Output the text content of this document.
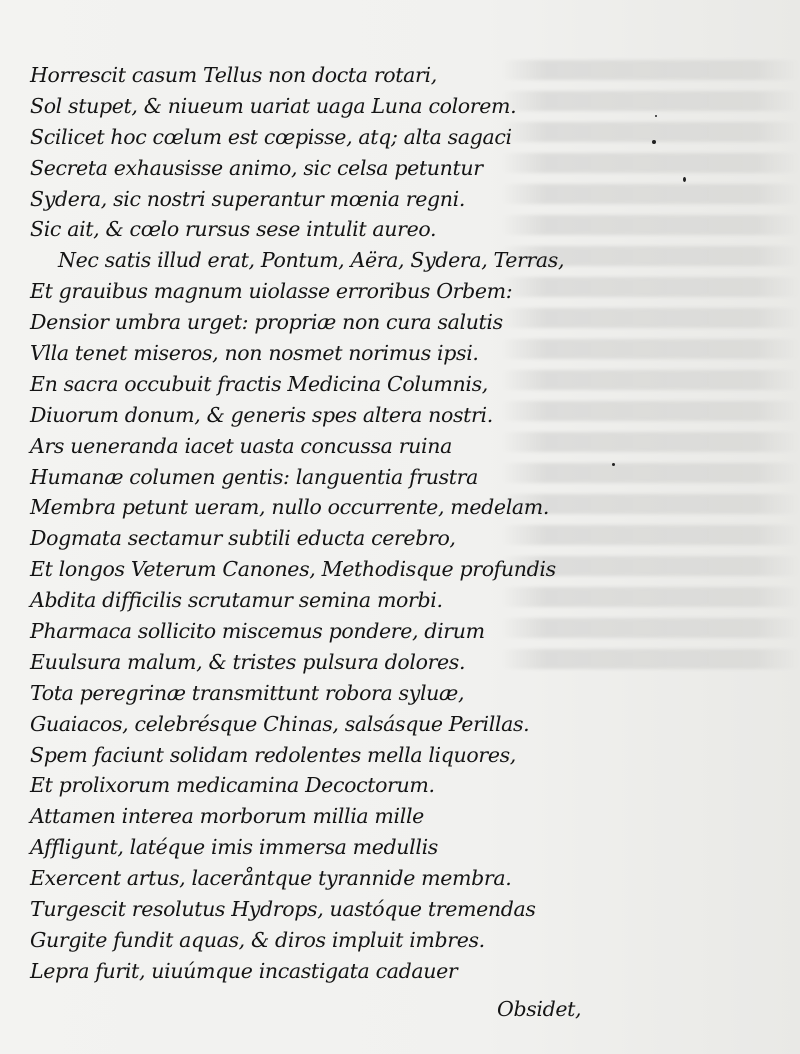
Horrescit casum Tellus non docta rotari,
Sol stupet, & niueum uariat uaga Luna colorem.
Scilicet hoc cœlum est cœpisse, atq; alta sagaci
Secreta exhausisse animo, sic celsa petuntur
Sydera, sic nostri superantur mœnia regni.
Sic ait, & cœlo rursus sese intulit aureo.
Nec satis illud erat, Pontum, Aëra, Sydera, Terras,
Et grauibus magnum uiolasse erroribus Orbem:
Densior umbra urget: propriæ non cura salutis
Vlla tenet miseros, non nosmet norimus ipsi.
En sacra occubuit fractis Medicina Columnis,
Diuorum donum, & generis spes altera nostri.
Ars ueneranda iacet uasta concussa ruina
Humanæ columen gentis: languentia frustra
Membra petunt ueram, nullo occurrente, medelam.
Dogmata sectamur subtili educta cerebro,
Et longos Veterum Canones, Methodisque profundis
Abdita difficilis scrutamur semina morbi.
Pharmaca sollicito miscemus pondere, dirum
Euulsura malum, & tristes pulsura dolores.
Tota peregrinæ transmittunt robora syluæ,
Guaiacos, celebrésque Chinas, salsásque Perillas.
Spem faciunt solidam redolentes mella liquores,
Et prolixorum medicamina Decoctorum.
Attamen interea morborum millia mille
Affligunt, latéque imis immersa medullis
Exercent artus, laceråntque tyrannide membra.
Turgescit resolutus Hydrops, uastóque tremendas
Gurgite fundit aquas, & diros impluit imbres.
Lepra furit, uiuúmque incastigata cadauer
Obsidet,
